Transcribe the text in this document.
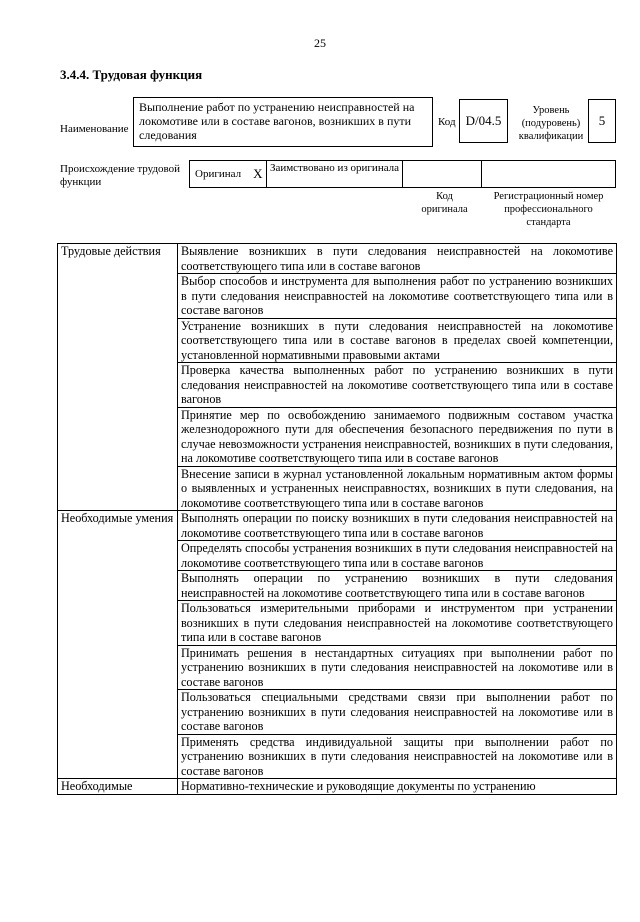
25
3.4.4. Трудовая функция
Наименование
Выполнение работ по устранению неисправностей на локомотиве или в составе вагонов, возникших в пути следования
Код D/04.5
Уровень (подуровень) квалификации
5
Происхождение трудовой функции
Оригинал X Заимствовано из оригинала
Код оригинала
Регистрационный номер профессионального стандарта
Трудовые действия	Выявление возникших в пути следования неисправностей на локомотиве соответствующего типа или в составе вагонов
	Выбор способов и инструмента для выполнения работ по устранению возникших в пути следования неисправностей на локомотиве соответствующего типа или в составе вагонов
	Устранение возникших в пути следования неисправностей на локомотиве соответствующего типа или в составе вагонов в пределах своей компетенции, установленной нормативными правовыми актами
	Проверка качества выполненных работ по устранению возникших в пути следования неисправностей на локомотиве соответствующего типа или в составе вагонов
	Принятие мер по освобождению занимаемого подвижным составом участка железнодорожного пути для обеспечения безопасного передвижения по пути в случае невозможности устранения неисправностей, возникших в пути следования, на локомотиве соответствующего типа или в составе вагонов
	Внесение записи в журнал установленной локальным нормативным актом формы о выявленных и устраненных неисправностях, возникших в пути следования, на локомотиве соответствующего типа или в составе вагонов
Необходимые умения	Выполнять операции по поиску возникших в пути следования неисправностей на локомотиве соответствующего типа или в составе вагонов
	Определять способы устранения возникших в пути следования неисправностей на локомотиве соответствующего типа или в составе вагонов
	Выполнять операции по устранению возникших в пути следования неисправностей на локомотиве соответствующего типа или в составе вагонов
	Пользоваться измерительными приборами и инструментом при устранении возникших в пути следования неисправностей на локомотиве соответствующего типа или в составе вагонов
	Принимать решения в нестандартных ситуациях при выполнении работ по устранению возникших в пути следования неисправностей на локомотиве или в составе вагонов
	Пользоваться специальными средствами связи при выполнении работ по устранению возникших в пути следования неисправностей на локомотиве или в составе вагонов
	Применять средства индивидуальной защиты при выполнении работ по устранению возникших в пути следования неисправностей на локомотиве или в составе вагонов
Необходимые	Нормативно-технические и руководящие документы по устранению
